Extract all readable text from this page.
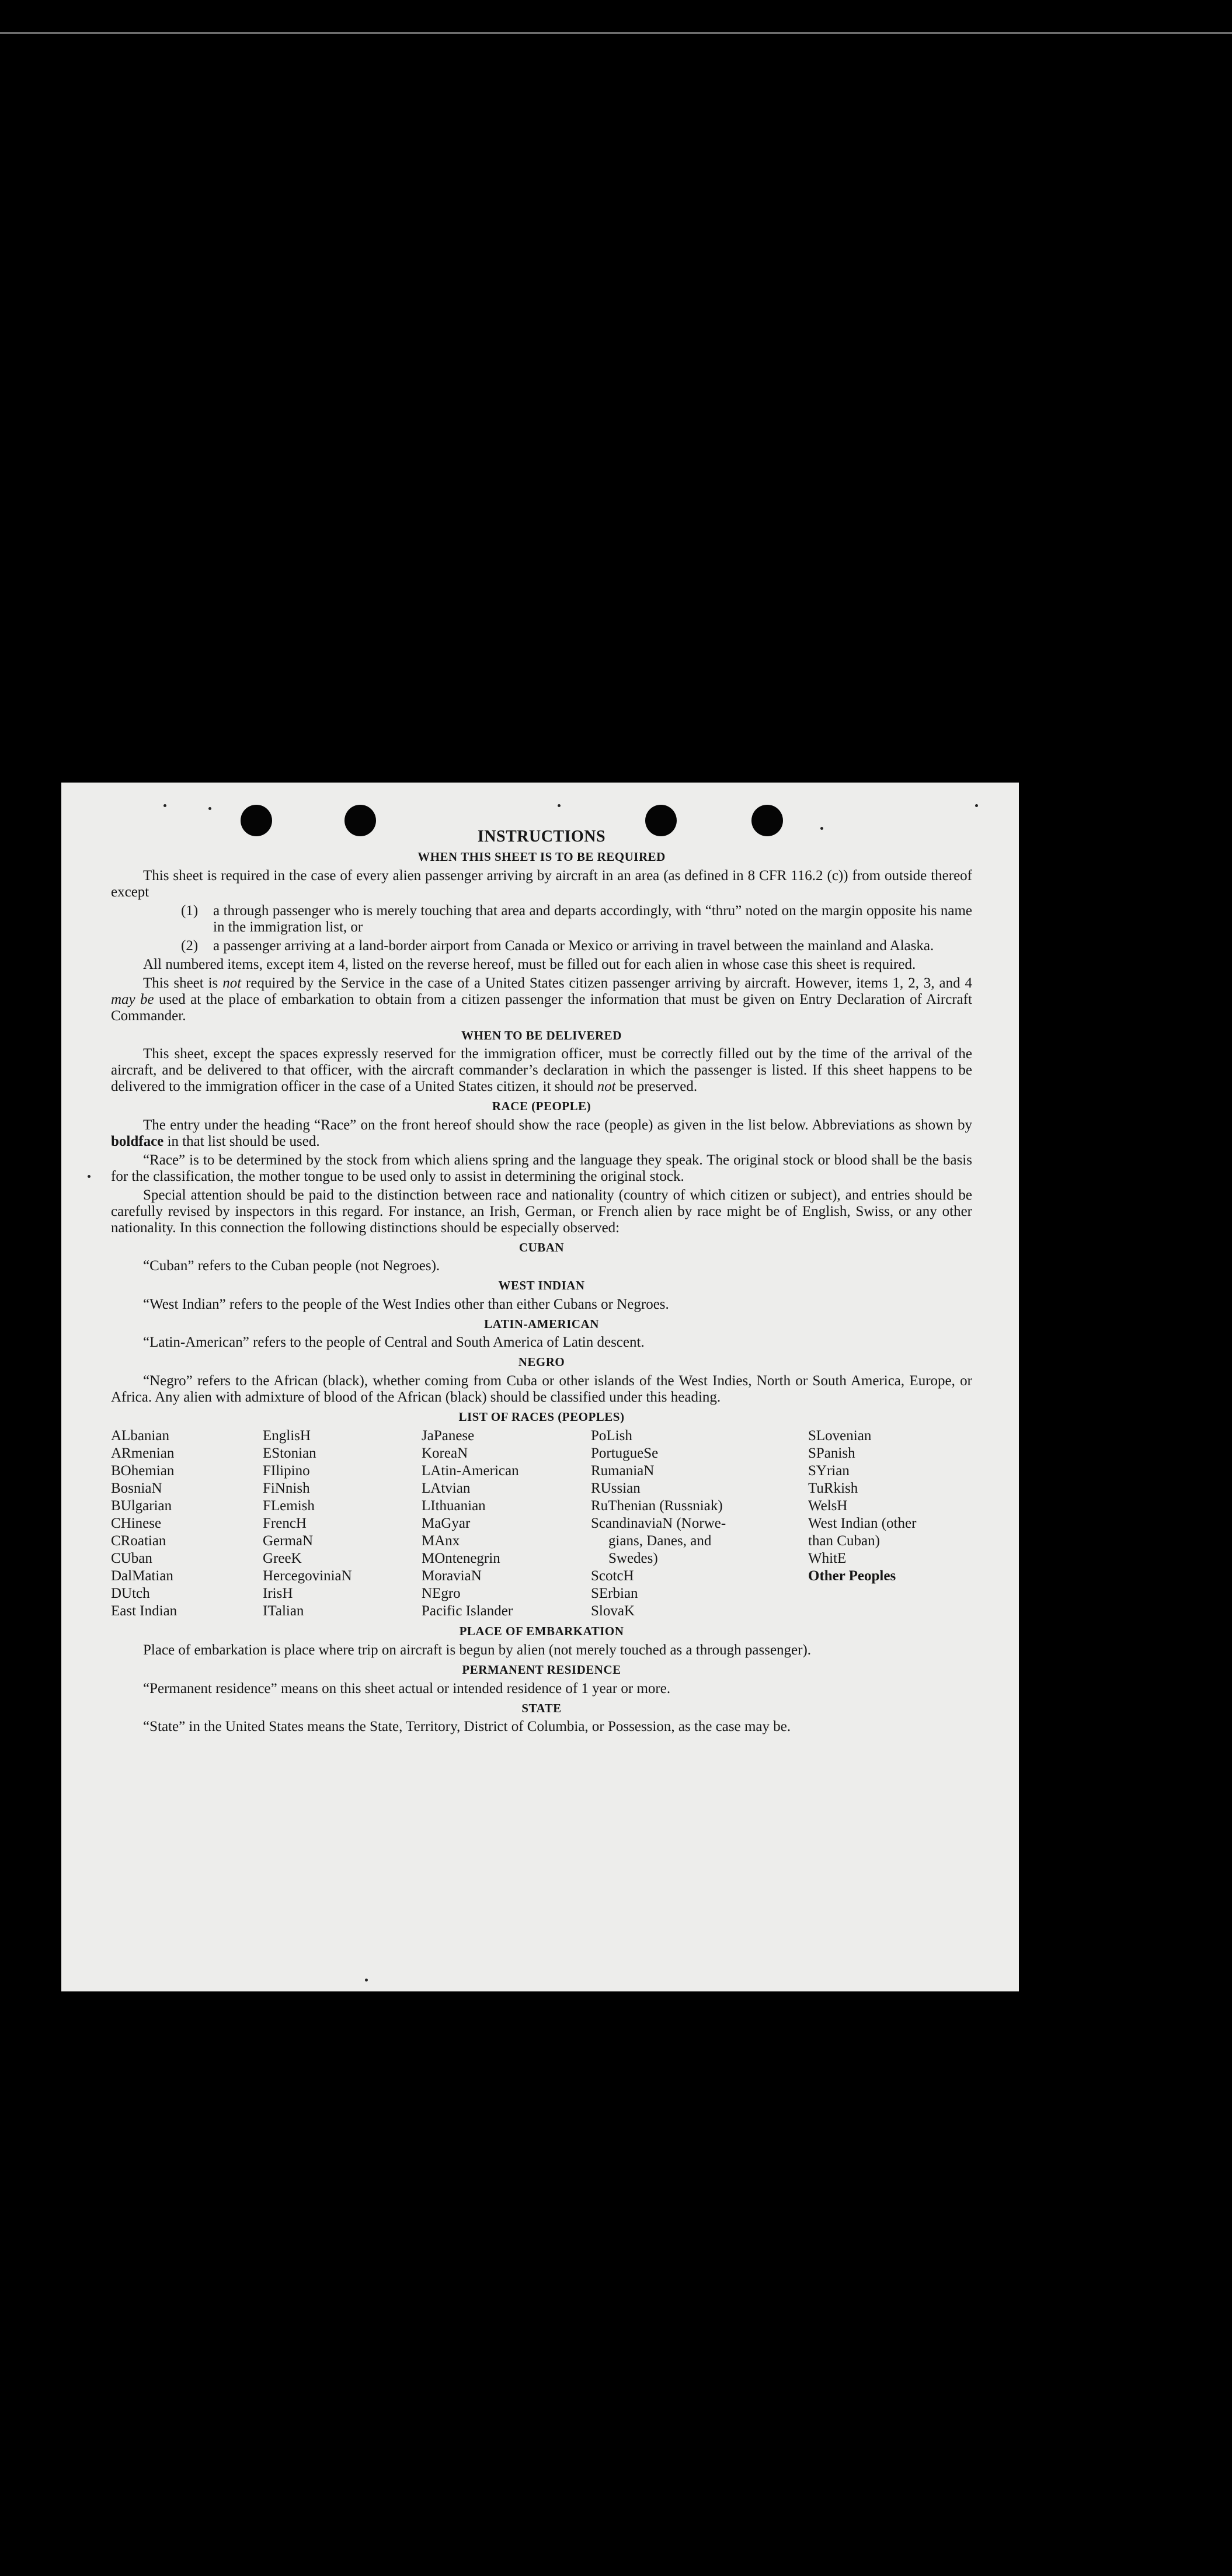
INSTRUCTIONS
WHEN THIS SHEET IS TO BE REQUIRED
This sheet is required in the case of every alien passenger arriving by aircraft in an area (as defined in 8 CFR 116.2 (c)) from outside thereof except
(1)	a through passenger who is merely touching that area and departs accordingly, with “thru” noted on the margin opposite his name in the immigration list, or
(2)	a passenger arriving at a land-border airport from Canada or Mexico or arriving in travel between the mainland and Alaska.
All numbered items, except item 4, listed on the reverse hereof, must be filled out for each alien in whose case this sheet is required.
This sheet is not required by the Service in the case of a United States citizen passenger arriving by aircraft. However, items 1, 2, 3, and 4 may be used at the place of embarkation to obtain from a citizen passenger the information that must be given on Entry Declaration of Aircraft Commander.
WHEN TO BE DELIVERED
This sheet, except the spaces expressly reserved for the immigration officer, must be correctly filled out by the time of the arrival of the aircraft, and be delivered to that officer, with the aircraft commander’s declaration in which the passenger is listed. If this sheet happens to be delivered to the immigration officer in the case of a United States citizen, it should not be preserved.
RACE (PEOPLE)
The entry under the heading “Race” on the front hereof should show the race (people) as given in the list below. Abbreviations as shown by boldface in that list should be used.
“Race” is to be determined by the stock from which aliens spring and the language they speak. The original stock or blood shall be the basis for the classification, the mother tongue to be used only to assist in determining the original stock.
Special attention should be paid to the distinction between race and nationality (country of which citizen or subject), and entries should be carefully revised by inspectors in this regard. For instance, an Irish, German, or French alien by race might be of English, Swiss, or any other nationality. In this connection the following distinctions should be especially observed:
CUBAN
“Cuban” refers to the Cuban people (not Negroes).
WEST INDIAN
“West Indian” refers to the people of the West Indies other than either Cubans or Negroes.
LATIN-AMERICAN
“Latin-American” refers to the people of Central and South America of Latin descent.
NEGRO
“Negro” refers to the African (black), whether coming from Cuba or other islands of the West Indies, North or South America, Europe, or Africa. Any alien with admixture of blood of the African (black) should be classified under this heading.
LIST OF RACES (PEOPLES)
ALbanian
ARmenian
BOhemian
BosniaN
BUlgarian
CHinese
CRoatian
CUban
DalMatian
DUtch
East Indian
EnglisH
EStonian
FIlipino
FiNnish
FLemish
FrencH
GermaN
GreeK
HercegoviniaN
IrisH
ITalian
JaPanese
KoreaN
LAtin-American
LAtvian
LIthuanian
MaGyar
MAnx
MOntenegrin
MoraviaN
NEgro
Pacific Islander
PoLish
PortugueSe
RumaniaN
RUssian
RuThenian (Russniak)
ScandinaviaN (Norwe-
gians, Danes, and
Swedes)
ScotcH
SErbian
SlovaK
SLovenian
SPanish
SYrian
TuRkish
WelsH
West Indian (other
than Cuban)
WhitE
Other Peoples
PLACE OF EMBARKATION
Place of embarkation is place where trip on aircraft is begun by alien (not merely touched as a through passenger).
PERMANENT RESIDENCE
“Permanent residence” means on this sheet actual or intended residence of 1 year or more.
STATE
“State” in the United States means the State, Territory, District of Columbia, or Possession, as the case may be.
